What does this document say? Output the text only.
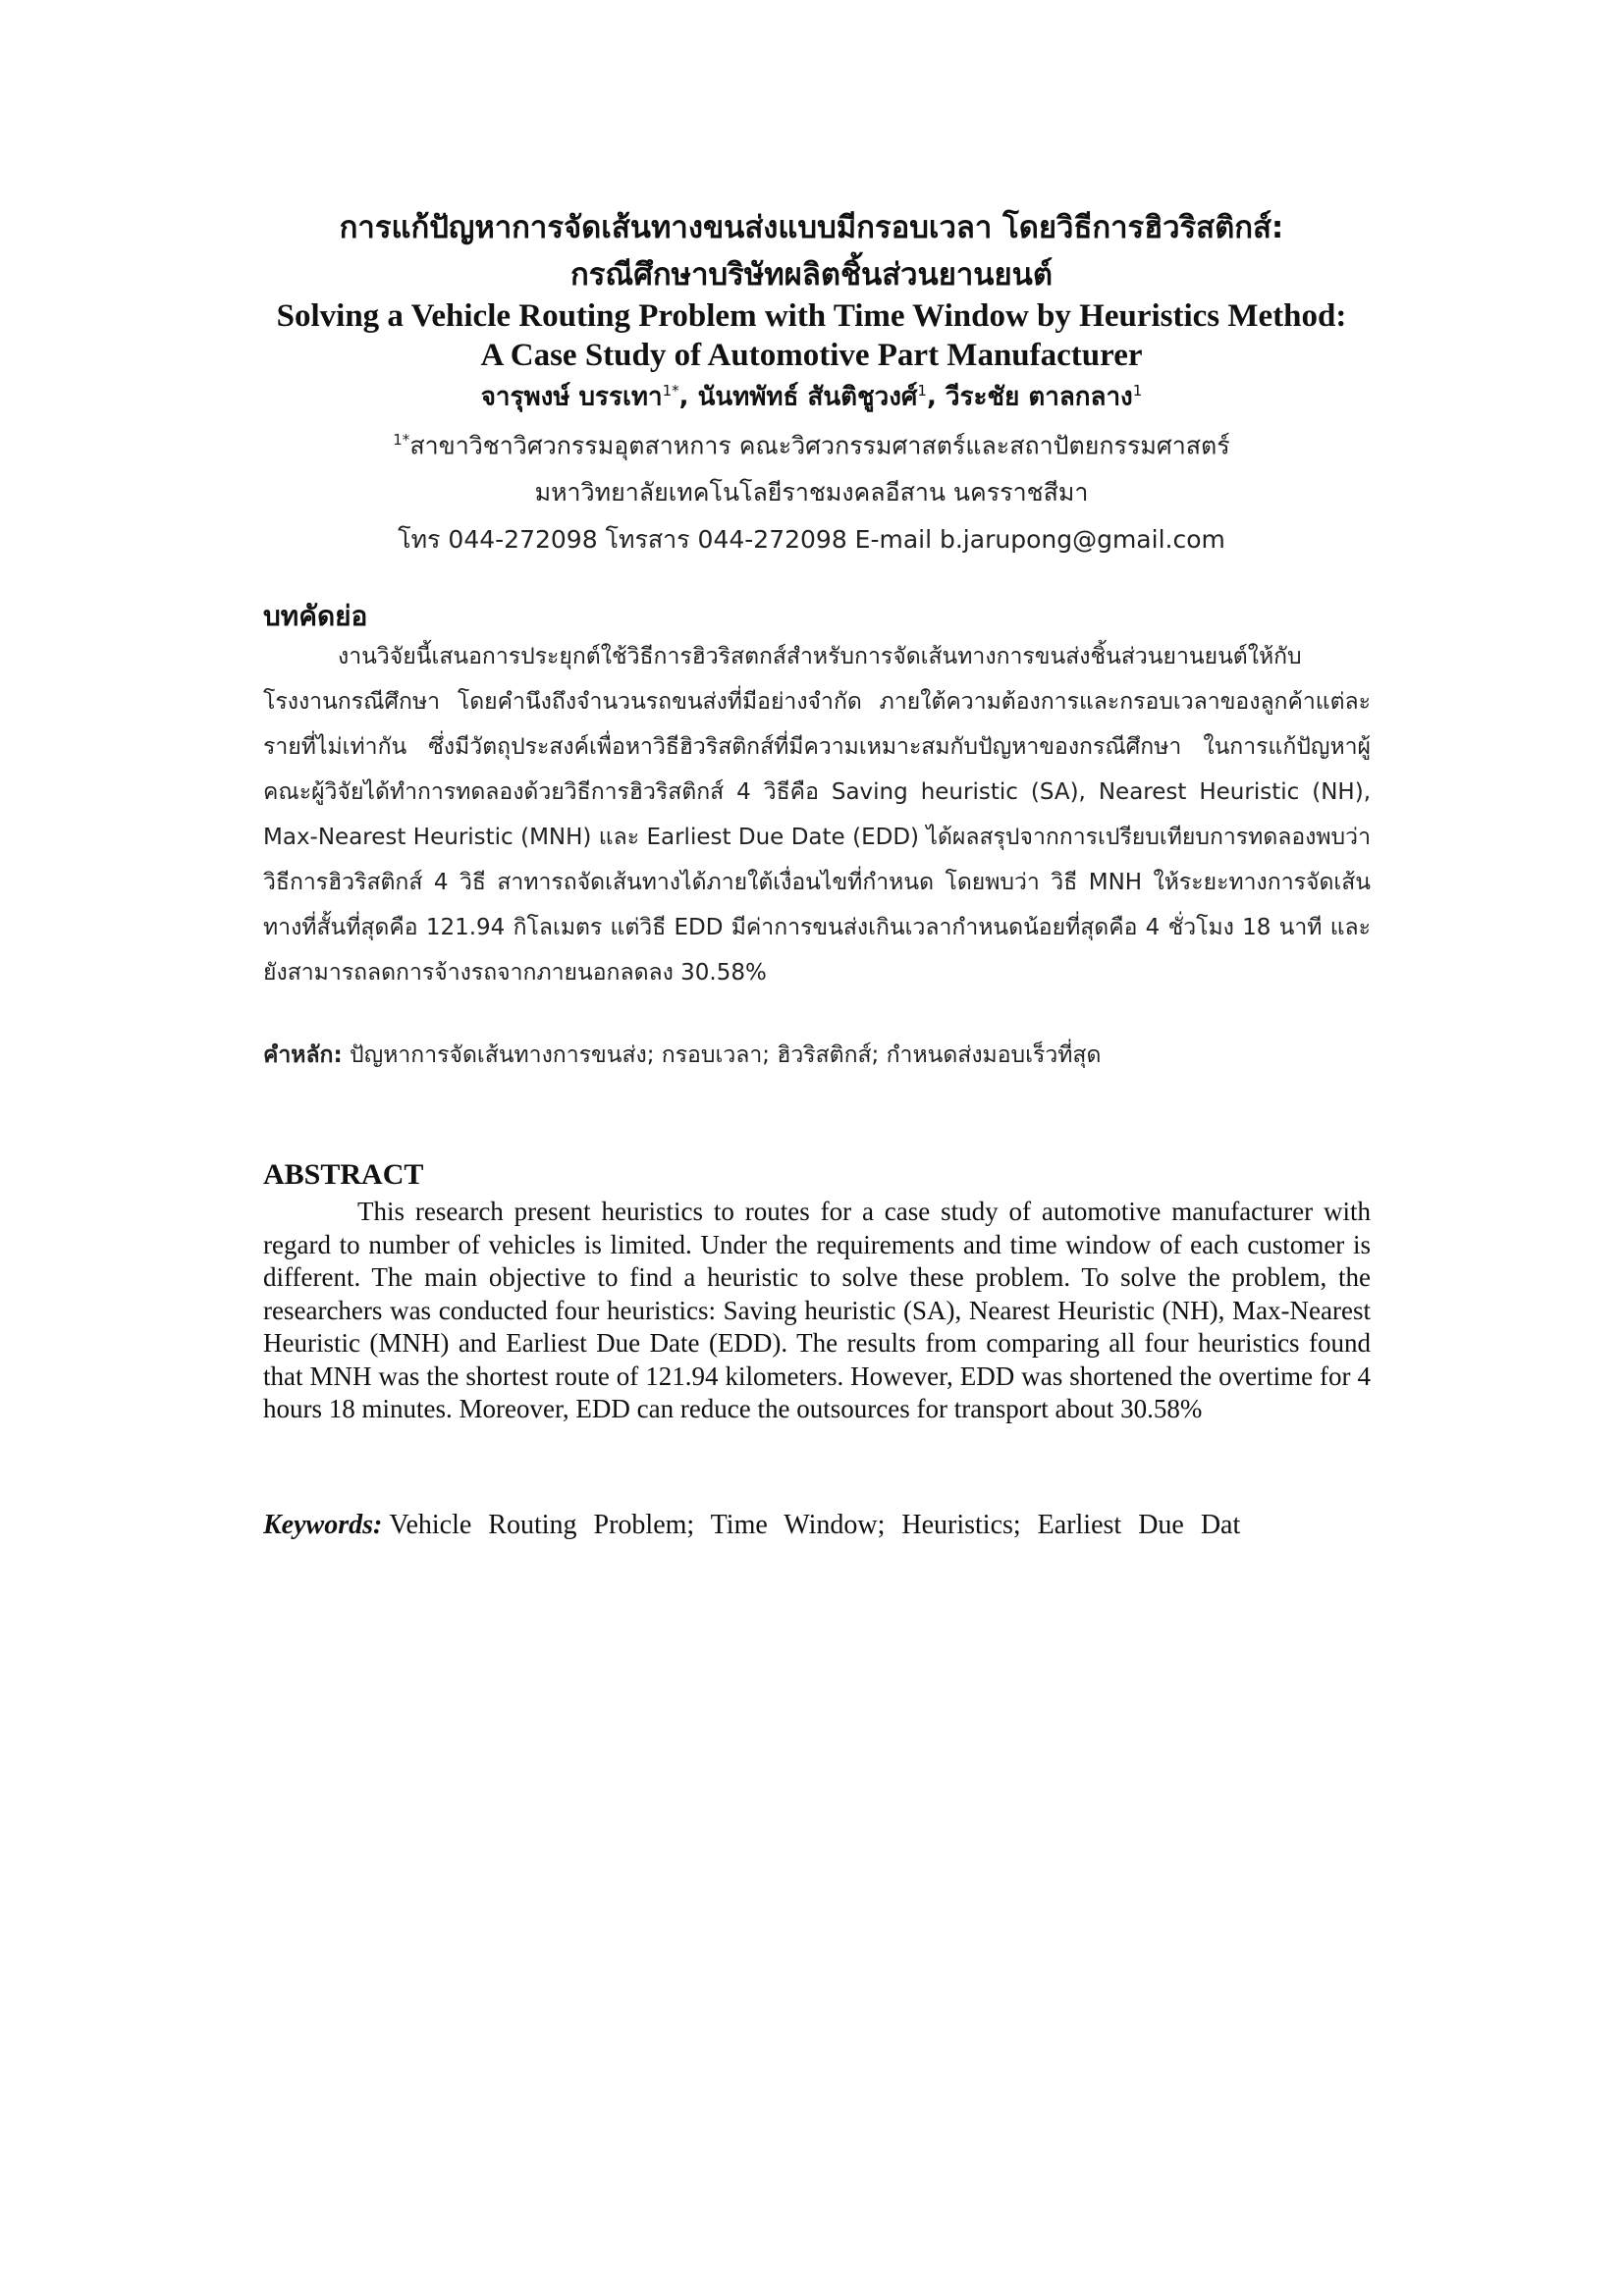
การแก้ปัญหาการจัดเส้นทางขนส่งแบบมีกรอบเวลา โดยวิธีการฮิวริสติกส์:
กรณีศึกษาบริษัทผลิตชิ้นส่วนยานยนต์
Solving a Vehicle Routing Problem with Time Window by Heuristics Method:
A Case Study of Automotive Part Manufacturer
จารุพงษ์ บรรเทา$^{1*}$, นันทพัทธ์ สันติชูวงศ์$^1$, วีระชัย ตาลกลาง$^1$
$^{1*}$สาขาวิชาวิศวกรรมอุตสาหการ คณะวิศวกรรมศาสตร์และสถาปัตยกรรมศาสตร์
มหาวิทยาลัยเทคโนโลยีราชมงคลอีสาน นครราชสีมา
โทร 044-272098 โทรสาร 044-272098 E-mail b.jarupong@gmail.com
บทคัดย่อ

งานวิจัยนี้เสนอการประยุกต์ใช้วิธีการฮิวริสตกส์สำหรับการจัดเส้นทางการขนส่งชิ้นส่วนยานยนต์ให้กับโรงงานกรณีศึกษา โดยคำนึงถึงจำนวนรถขนส่งที่มีอย่างจำกัด ภายใต้ความต้องการและกรอบเวลาของลูกค้าแต่ละรายที่ไม่เท่ากัน ซึ่งมีวัตถุประสงค์เพื่อหาวิธีฮิวริสติกส์ที่มีความเหมาะสมกับปัญหาของกรณีศึกษา ในการแก้ปัญหาผู้ คณะผู้วิจัยได้ทำการทดลองด้วยวิธีการฮิวริสติกส์ 4 วิธีคือ Saving heuristic (SA), Nearest Heuristic (NH), Max-Nearest Heuristic (MNH) และ Earliest Due Date (EDD) ได้ผลสรุปจากการเปรียบเทียบการทดลองพบว่าวิธีการฮิวริสติกส์ 4 วิธี สาทารถจัดเส้นทางได้ภายใต้เงื่อนไขที่กำหนด โดยพบว่า วิธี MNH ให้ระยะทางการจัดเส้นทางที่สั้นที่สุดคือ 121.94 กิโลเมตร แต่วิธี EDD มีค่าการขนส่งเกินเวลากำหนดน้อยที่สุดคือ 4 ชั่วโมง 18 นาที และยังสามารถลดการจ้างรถจากภายนอกลดลง 30.58%

คำหลัก: ปัญหาการจัดเส้นทางการขนส่ง; กรอบเวลา; ฮิวริสติกส์; กำหนดส่งมอบเร็วที่สุด
ABSTRACT

This research present heuristics to routes for a case study of automotive manufacturer with regard to number of vehicles is limited. Under the requirements and time window of each customer is different. The main objective to find a heuristic to solve these problem. To solve the problem, the researchers was conducted four heuristics: Saving heuristic (SA), Nearest Heuristic (NH), Max-Nearest Heuristic (MNH) and Earliest Due Date (EDD). The results from comparing all four heuristics found that MNH was the shortest route of 121.94 kilometers. However, EDD was shortened the overtime for 4 hours 18 minutes. Moreover, EDD can reduce the outsources for transport about 30.58%

Keywords: Vehicle Routing Problem; Time Window; Heuristics; Earliest Due Dat
